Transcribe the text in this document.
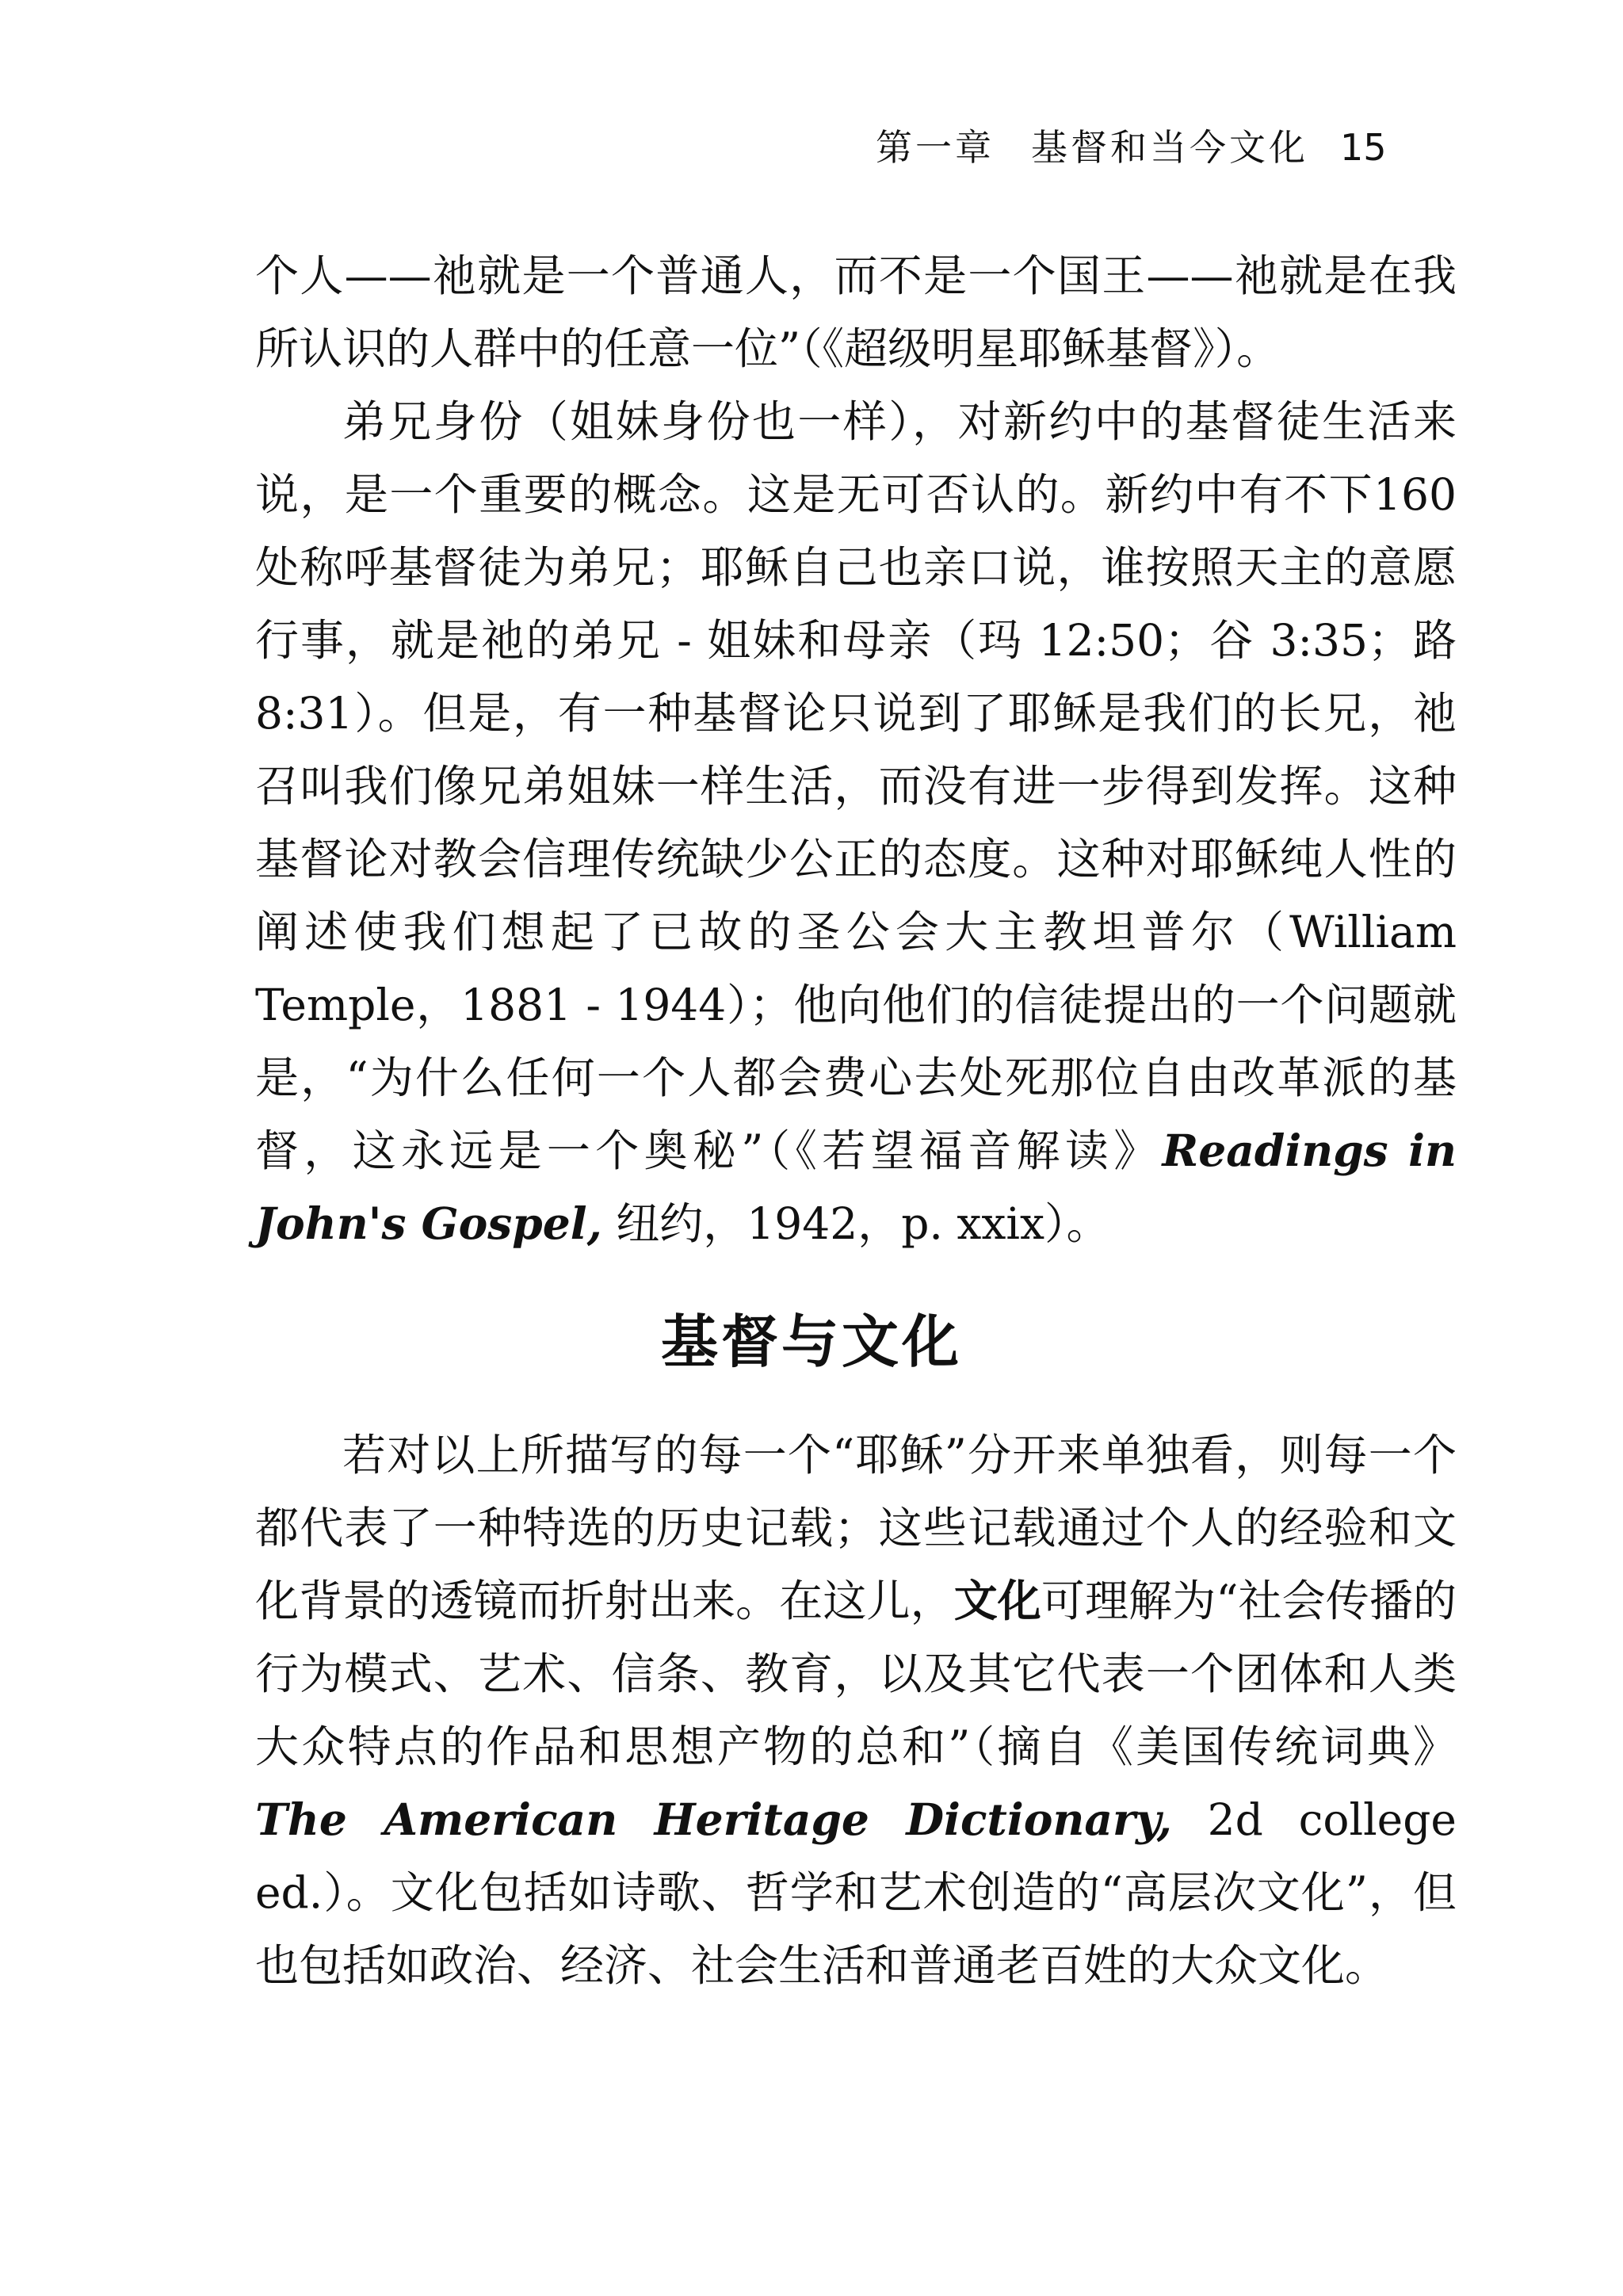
第一章 基督和当今文化 15

个人——祂就是一个普通人，而不是一个国王——祂就是在我所认识的人群中的任意一位”（《超级明星耶稣基督》）。

弟兄身份（姐妹身份也一样），对新约中的基督徒生活来说，是一个重要的概念。这是无可否认的。新约中有不下160处称呼基督徒为弟兄；耶稣自己也亲口说，谁按照天主的意愿行事，就是祂的弟兄 - 姐妹和母亲（玛 12:50；谷 3:35；路 8:31）。但是，有一种基督论只说到了耶稣是我们的长兄，祂召叫我们像兄弟姐妹一样生活，而没有进一步得到发挥。这种基督论对教会信理传统缺少公正的态度。这种对耶稣纯人性的阐述使我们想起了已故的圣公会大主教坦普尔（William Temple，1881 - 1944）；他向他们的信徒提出的一个问题就是，“为什么任何一个人都会费心去处死那位自由改革派的基督，这永远是一个奥秘”（《若望福音解读》Readings in John's Gospel, 纽约，1942，p. xxix）。

基督与文化

若对以上所描写的每一个“耶稣”分开来单独看，则每一个都代表了一种特选的历史记载；这些记载通过个人的经验和文化背景的透镜而折射出来。在这儿，文化可理解为“社会传播的行为模式、艺术、信条、教育，以及其它代表一个团体和人类大众特点的作品和思想产物的总和”（摘自《美国传统词典》The American Heritage Dictionary, 2d college ed.）。文化包括如诗歌、哲学和艺术创造的“高层次文化”，但也包括如政治、经济、社会生活和普通老百姓的大众文化。
